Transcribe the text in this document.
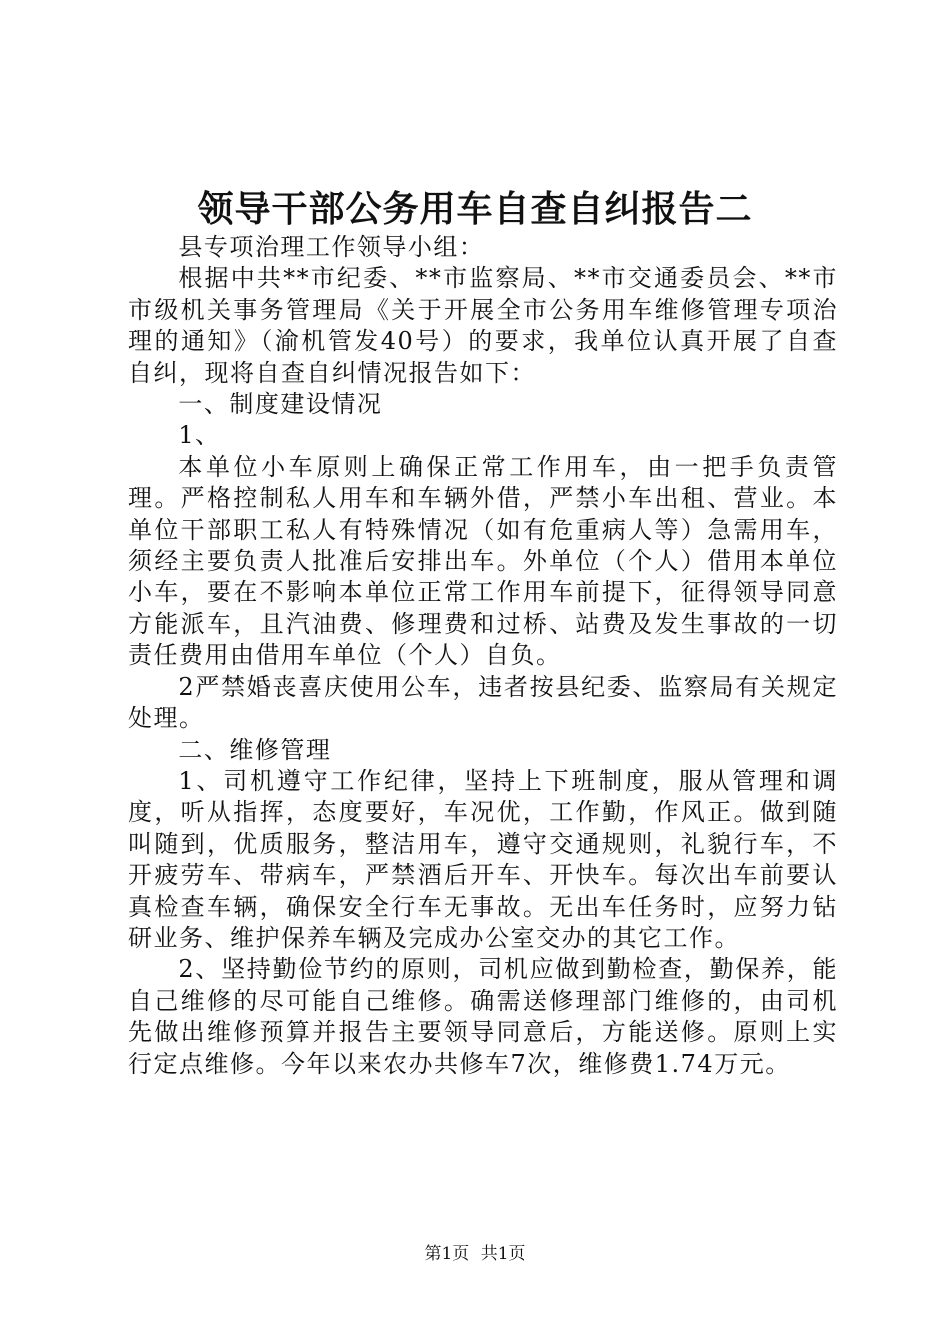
领导干部公务用车自查自纠报告二

县专项治理工作领导小组：

根据中共**市纪委、**市监察局、**市交通委员会、**市市级机关事务管理局《关于开展全市公务用车维修管理专项治理的通知》（渝机管发40号）的要求，我单位认真开展了自查自纠，现将自查自纠情况报告如下：

一、制度建设情况

1、

本单位小车原则上确保正常工作用车，由一把手负责管理。严格控制私人用车和车辆外借，严禁小车出租、营业。本单位干部职工私人有特殊情况（如有危重病人等）急需用车，须经主要负责人批准后安排出车。外单位（个人）借用本单位小车，要在不影响本单位正常工作用车前提下，征得领导同意方能派车，且汽油费、修理费和过桥、站费及发生事故的一切责任费用由借用车单位（个人）自负。

2严禁婚丧喜庆使用公车，违者按县纪委、监察局有关规定处理。

二、维修管理

1、司机遵守工作纪律，坚持上下班制度，服从管理和调度，听从指挥，态度要好，车况优，工作勤，作风正。做到随叫随到，优质服务，整洁用车，遵守交通规则，礼貌行车，不开疲劳车、带病车，严禁酒后开车、开快车。每次出车前要认真检查车辆，确保安全行车无事故。无出车任务时，应努力钻研业务、维护保养车辆及完成办公室交办的其它工作。

2、坚持勤俭节约的原则，司机应做到勤检查，勤保养，能自己维修的尽可能自己维修。确需送修理部门维修的，由司机先做出维修预算并报告主要领导同意后，方能送修。原则上实行定点维修。今年以来农办共修车7次，维修费1.74万元。

第1页 共1页
